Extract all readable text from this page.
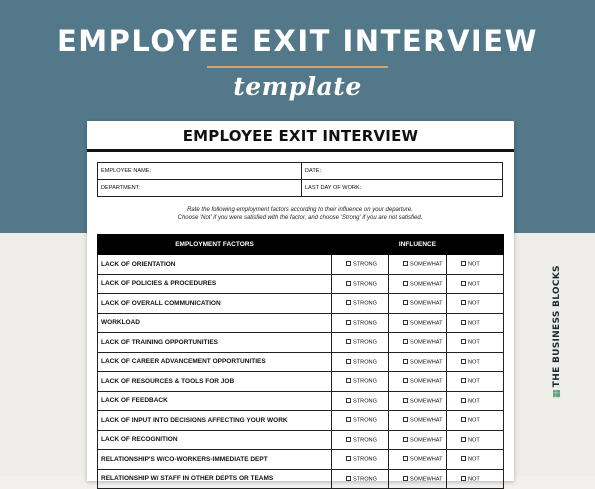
EMPLOYEE EXIT INTERVIEW
template
EMPLOYEE EXIT INTERVIEW
EMPLOYEE NAME:	DATE:
DEPARTMENT:	LAST DAY OF WORK:
Rate the following employment factors according to their influence on your departure.
Choose 'Not' if you were satisfied with the factor, and choose 'Strong' if you are not satisfied.
EMPLOYMENT FACTORS	INFLUENCE		
LACK OF ORIENTATION	STRONG	SOMEWHAT	NOT
LACK OF POLICIES & PROCEDURES	STRONG	SOMEWHAT	NOT
LACK OF OVERALL COMMUNICATION	STRONG	SOMEWHAT	NOT
WORKLOAD	STRONG	SOMEWHAT	NOT
LACK OF TRAINING OPPORTUNITIES	STRONG	SOMEWHAT	NOT
LACK OF CAREER ADVANCEMENT OPPORTUNITIES	STRONG	SOMEWHAT	NOT
LACK OF RESOURCES & TOOLS FOR JOB	STRONG	SOMEWHAT	NOT
LACK OF FEEDBACK	STRONG	SOMEWHAT	NOT
LACK OF INPUT INTO DECISIONS AFFECTING YOUR WORK	STRONG	SOMEWHAT	NOT
LACK OF RECOGNITION	STRONG	SOMEWHAT	NOT
RELATIONSHIP'S W/CO-WORKERS-IMMEDIATE DEPT	STRONG	SOMEWHAT	NOT
RELATIONSHIP W/ STAFF IN OTHER DEPTS OR TEAMS	STRONG	SOMEWHAT	NOT
▦THE BUSINESS BLOCKS
